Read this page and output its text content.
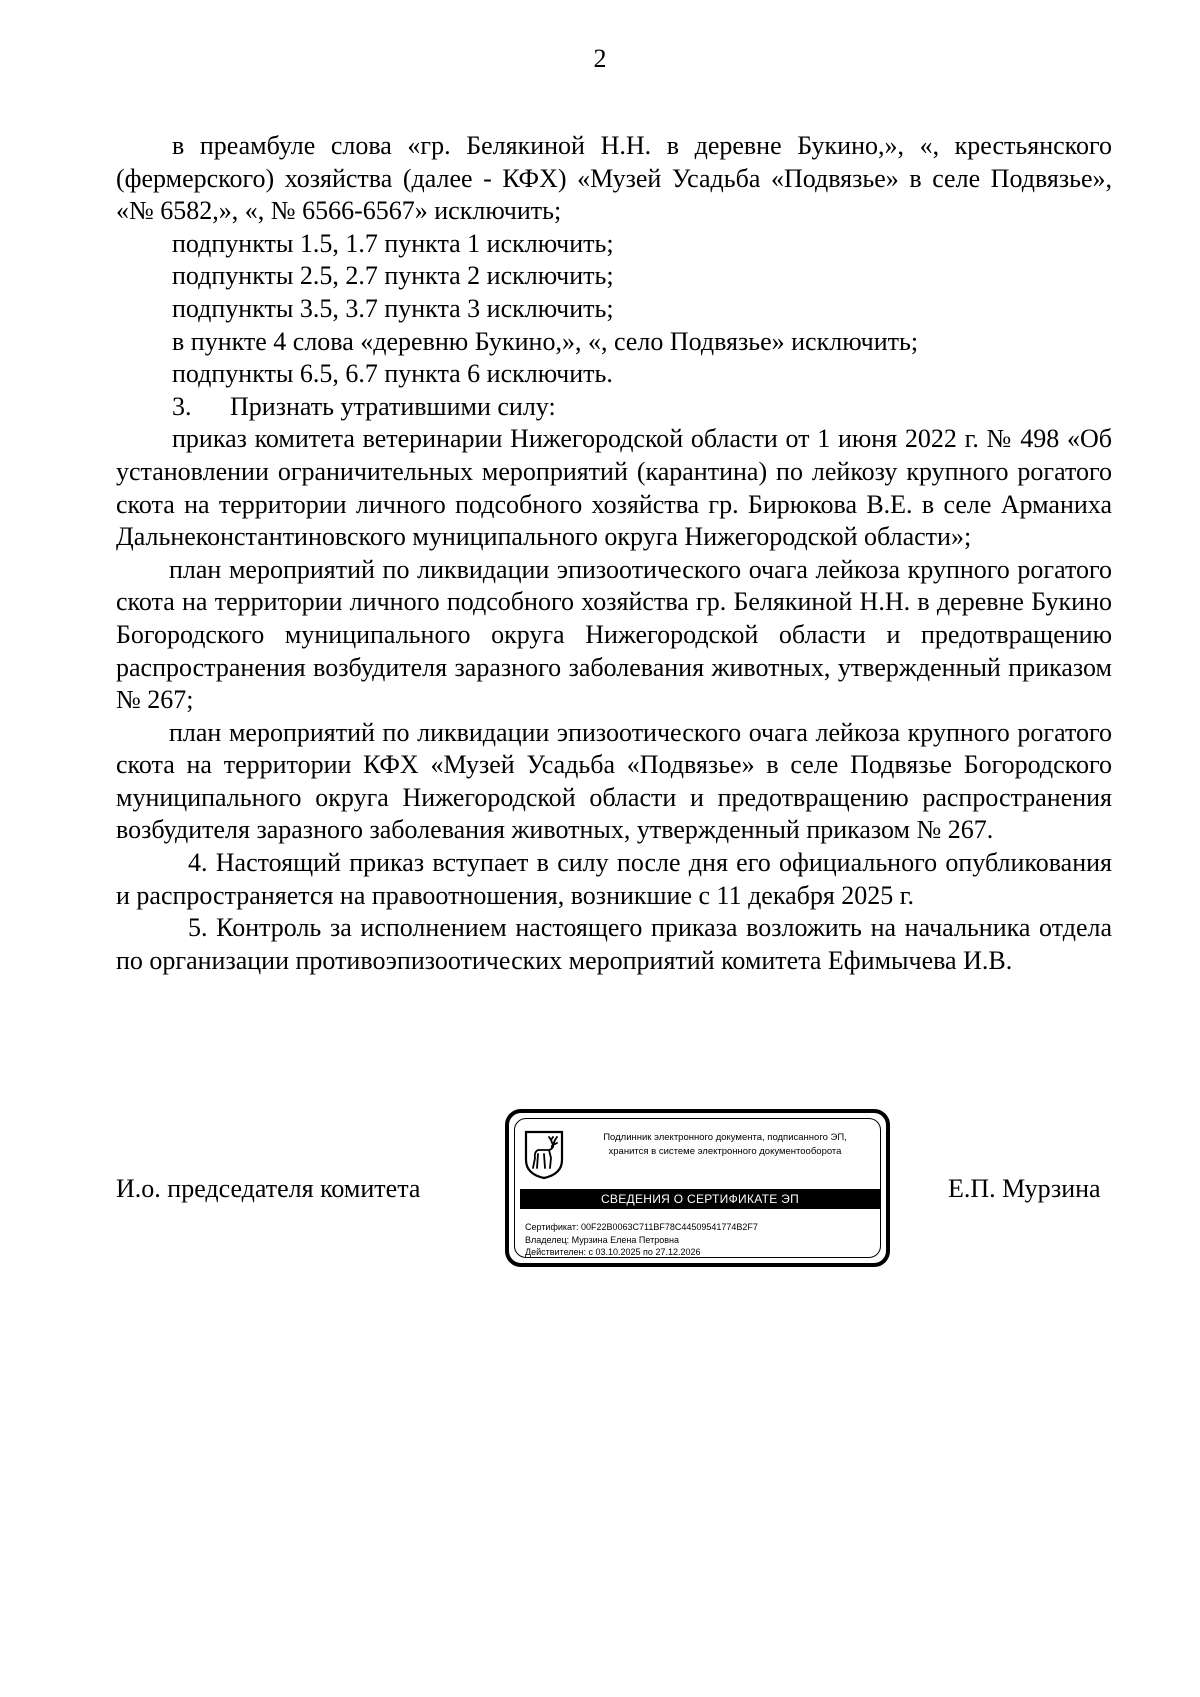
2

в преамбуле слова «гр. Белякиной Н.Н. в деревне Букино,», «, крестьянского (фермерского) хозяйства (далее - КФХ) «Музей Усадьба «Подвязье» в селе Подвязье», «№ 6582,», «, № 6566-6567» исключить;

подпункты 1.5, 1.7 пункта 1 исключить;

подпункты 2.5, 2.7 пункта 2 исключить;

подпункты 3.5, 3.7 пункта 3 исключить;

в пункте 4 слова «деревню Букино,», «, село Подвязье» исключить;

подпункты 6.5, 6.7 пункта 6 исключить.

3. Признать утратившими силу:

приказ комитета ветеринарии Нижегородской области от 1 июня 2022 г. № 498 «Об установлении ограничительных мероприятий (карантина) по лейкозу крупного рогатого скота на территории личного подсобного хозяйства гр. Бирюкова В.Е. в селе Арманиха Дальнеконстантиновского муниципального округа Нижегородской области»;

план мероприятий по ликвидации эпизоотического очага лейкоза крупного рогатого скота на территории личного подсобного хозяйства гр. Белякиной Н.Н. в деревне Букино Богородского муниципального округа Нижегородской области и предотвращению распространения возбудителя заразного заболевания животных, утвержденный приказом № 267;

план мероприятий по ликвидации эпизоотического очага лейкоза крупного рогатого скота на территории КФХ «Музей Усадьба «Подвязье» в селе Подвязье Богородского муниципального округа Нижегородской области и предотвращению распространения возбудителя заразного заболевания животных, утвержденный приказом № 267.

4. Настоящий приказ вступает в силу после дня его официального опубликования и распространяется на правоотношения, возникшие с 11 декабря 2025 г.

5. Контроль за исполнением настоящего приказа возложить на начальника отдела по организации противоэпизоотических мероприятий комитета Ефимычева И.В.

И.о. председателя комитета
Подлинник электронного документа, подписанного ЭП,
хранится в системе электронного документооборота
СВЕДЕНИЯ О СЕРТИФИКАТЕ ЭП
Сертификат: 00F22B0063C711BF78C44509541774B2F7
Владелец: Мурзина Елена Петровна
Действителен: с 03.10.2025 по 27.12.2026
Е.П. Мурзина
